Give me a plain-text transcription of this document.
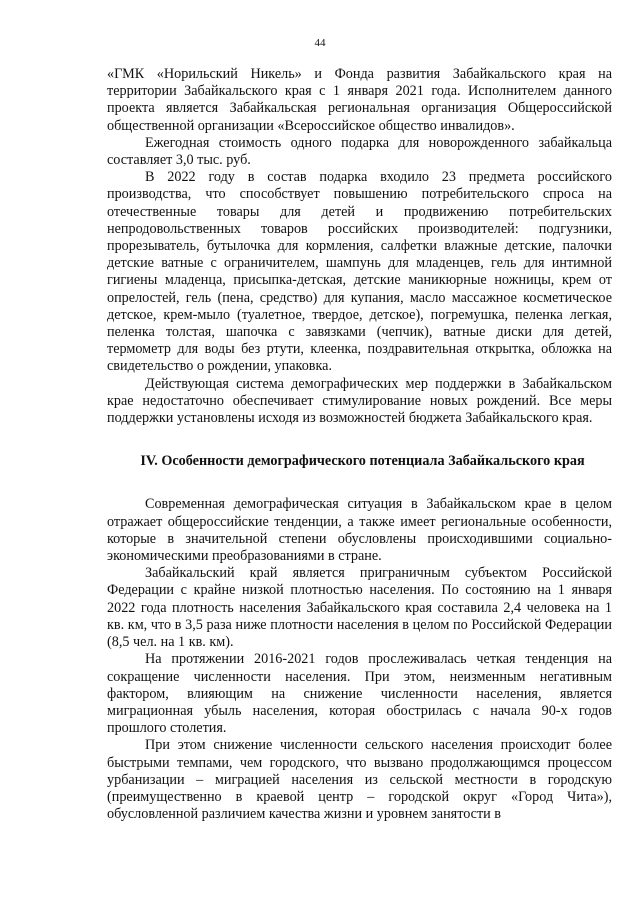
44

«ГМК «Норильский Никель» и Фонда развития Забайкальского края на территории Забайкальского края с 1 января 2021 года. Исполнителем данного проекта является Забайкальская региональная организация Общероссийской общественной организации «Всероссийское общество инвалидов».

Ежегодная стоимость одного подарка для новорожденного забайкальца составляет 3,0 тыс. руб.

В 2022 году в состав подарка входило 23 предмета российского производства, что способствует повышению потребительского спроса на отечественные товары для детей и продвижению потребительских непродовольственных товаров российских производителей: подгузники, прорезыватель, бутылочка для кормления, салфетки влажные детские, палочки детские ватные с ограничителем, шампунь для младенцев, гель для интимной гигиены младенца, присыпка-детская, детские маникюрные ножницы, крем от опрелостей, гель (пена, средство) для купания, масло массажное косметическое детское, крем-мыло (туалетное, твердое, детское), погремушка, пеленка легкая, пеленка толстая, шапочка с завязками (чепчик), ватные диски для детей, термометр для воды без ртути, клеенка, поздравительная открытка, обложка на свидетельство о рождении, упаковка.

Действующая система демографических мер поддержки в Забайкальском крае недостаточно обеспечивает стимулирование новых рождений. Все меры поддержки установлены исходя из возможностей бюджета Забайкальского края.

IV. Особенности демографического потенциала Забайкальского края

Современная демографическая ситуация в Забайкальском крае в целом отражает общероссийские тенденции, а также имеет региональные особенности, которые в значительной степени обусловлены происходившими социально-экономическими преобразованиями в стране.

Забайкальский край является приграничным субъектом Российской Федерации с крайне низкой плотностью населения. По состоянию на 1 января 2022 года плотность населения Забайкальского края составила 2,4 человека на 1 кв. км, что в 3,5 раза ниже плотности населения в целом по Российской Федерации (8,5 чел. на 1 кв. км).

На протяжении 2016-2021 годов прослеживалась четкая тенденция на сокращение численности населения. При этом, неизменным негативным фактором, влияющим на снижение численности населения, является миграционная убыль населения, которая обострилась с начала 90-х годов прошлого столетия.

При этом снижение численности сельского населения происходит более быстрыми темпами, чем городского, что вызвано продолжающимся процессом урбанизации – миграцией населения из сельской местности в городскую (преимущественно в краевой центр – городской округ «Город Чита»), обусловленной различием качества жизни и уровнем занятости в
